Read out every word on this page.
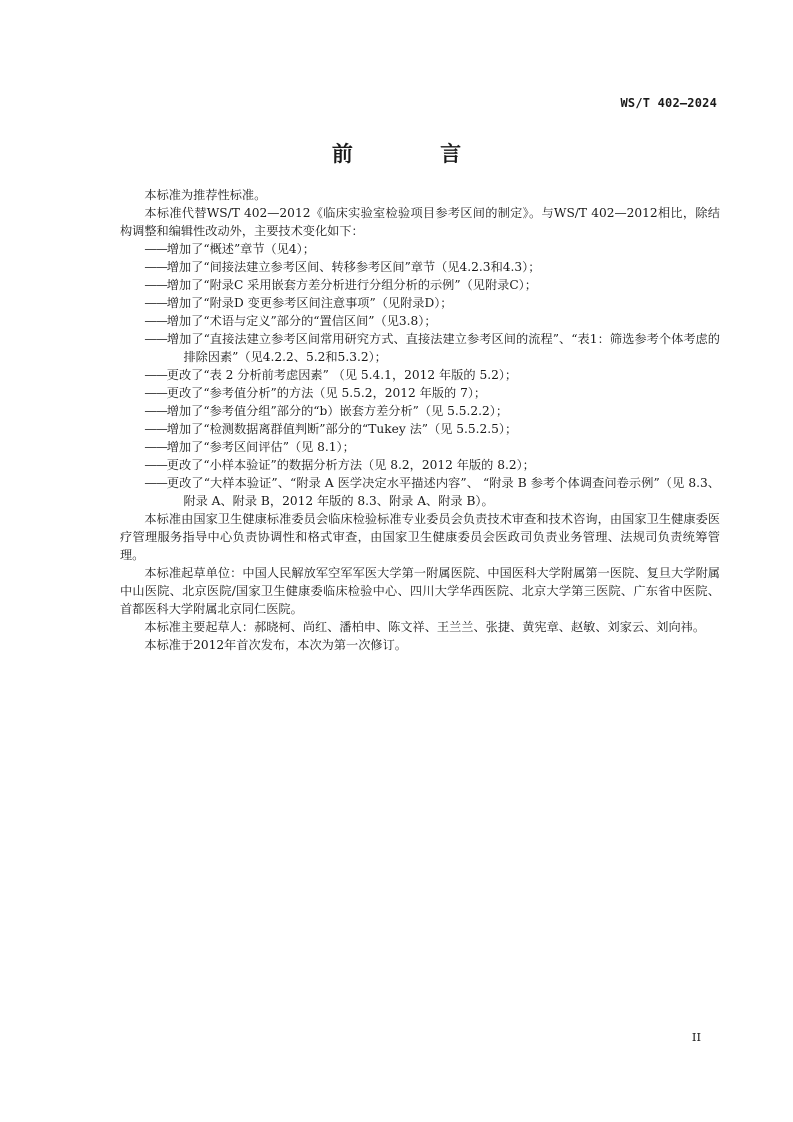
WS/T 402—2024
前 言

本标准为推荐性标准。

本标准代替WS/T 402—2012《临床实验室检验项目参考区间的制定》。与WS/T 402—2012相比，除结构调整和编辑性改动外，主要技术变化如下：

——增加了“概述”章节（见4）；

——增加了“间接法建立参考区间、转移参考区间”章节（见4.2.3和4.3）；

——增加了“附录C 采用嵌套方差分析进行分组分析的示例”（见附录C）；

——增加了“附录D 变更参考区间注意事项”（见附录D）；

——增加了“术语与定义”部分的“置信区间”（见3.8）；

——增加了“直接法建立参考区间常用研究方式、直接法建立参考区间的流程”、“表1：筛选参考个体考虑的排除因素”（见4.2.2、5.2和5.3.2）；

——更改了“表 2 分析前考虑因素” （见 5.4.1，2012 年版的 5.2）；

——更改了“参考值分析”的方法（见 5.5.2，2012 年版的 7）；

——增加了“参考值分组”部分的“b）嵌套方差分析”（见 5.5.2.2）；

——增加了“检测数据离群值判断”部分的“Tukey 法”（见 5.5.2.5）；

——增加了“参考区间评估”（见 8.1）；

——更改了“小样本验证”的数据分析方法（见 8.2，2012 年版的 8.2）；

——更改了“大样本验证”、“附录 A 医学决定水平描述内容”、 “附录 B 参考个体调查问卷示例”（见 8.3、附录 A、附录 B，2012 年版的 8.3、附录 A、附录 B）。

本标准由国家卫生健康标准委员会临床检验标准专业委员会负责技术审查和技术咨询，由国家卫生健康委医疗管理服务指导中心负责协调性和格式审查，由国家卫生健康委员会医政司负责业务管理、法规司负责统筹管理。

本标准起草单位：中国人民解放军空军军医大学第一附属医院、中国医科大学附属第一医院、复旦大学附属中山医院、北京医院/国家卫生健康委临床检验中心、四川大学华西医院、北京大学第三医院、广东省中医院、首都医科大学附属北京同仁医院。

本标准主要起草人：郝晓柯、尚红、潘柏申、陈文祥、王兰兰、张捷、黄宪章、赵敏、刘家云、刘向祎。

本标准于2012年首次发布，本次为第一次修订。

II
